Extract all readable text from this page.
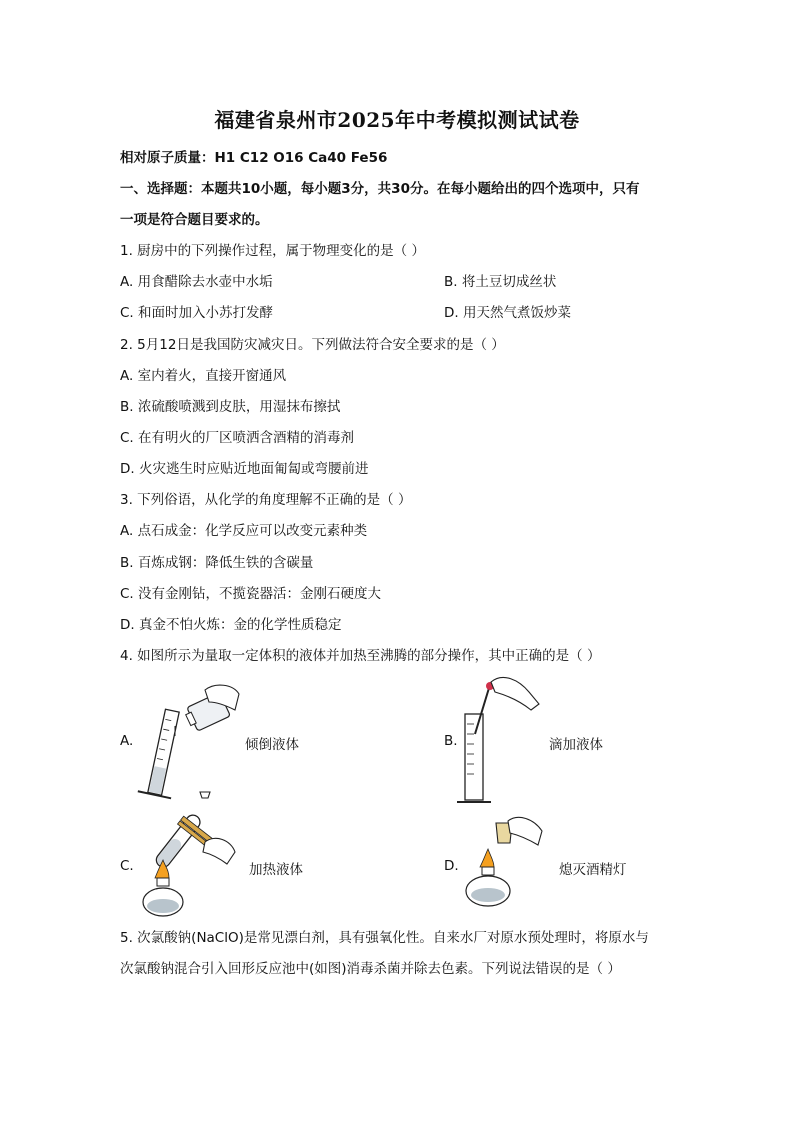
福建省泉州市2025年中考模拟测试试卷
相对原子质量：H1 C12 O16 Ca40 Fe56
一、选择题：本题共10小题，每小题3分，共30分。在每小题给出的四个选项中，只有
一项是符合题目要求的。
1. 厨房中的下列操作过程，属于物理变化的是（ ）
A. 用食醋除去水壶中水垢	B. 将土豆切成丝状
C. 和面时加入小苏打发酵	D. 用天然气煮饭炒菜
2. 5月12日是我国防灾减灾日。下列做法符合安全要求的是（ ）
A. 室内着火，直接开窗通风
B. 浓硫酸喷溅到皮肤，用湿抹布擦拭
C. 在有明火的厂区喷洒含酒精的消毒剂
D. 火灾逃生时应贴近地面匍匐或弯腰前进
3. 下列俗语，从化学的角度理解不正确的是（ ）
A. 点石成金：化学反应可以改变元素种类
B. 百炼成钢：降低生铁的含碳量
C. 没有金刚钻，不揽瓷器活：金刚石硬度大
D. 真金不怕火炼：金的化学性质稳定
4. 如图所示为量取一定体积的液体并加热至沸腾的部分操作，其中正确的是（ ）
A.	倾倒液体	B.	滴加液体
C.	加热液体	D.	熄灭酒精灯
5. 次氯酸钠(NaClO)是常见漂白剂，具有强氧化性。自来水厂对原水预处理时，将原水与
次氯酸钠混合引入回形反应池中(如图)消毒杀菌并除去色素。下列说法错误的是（ ）
